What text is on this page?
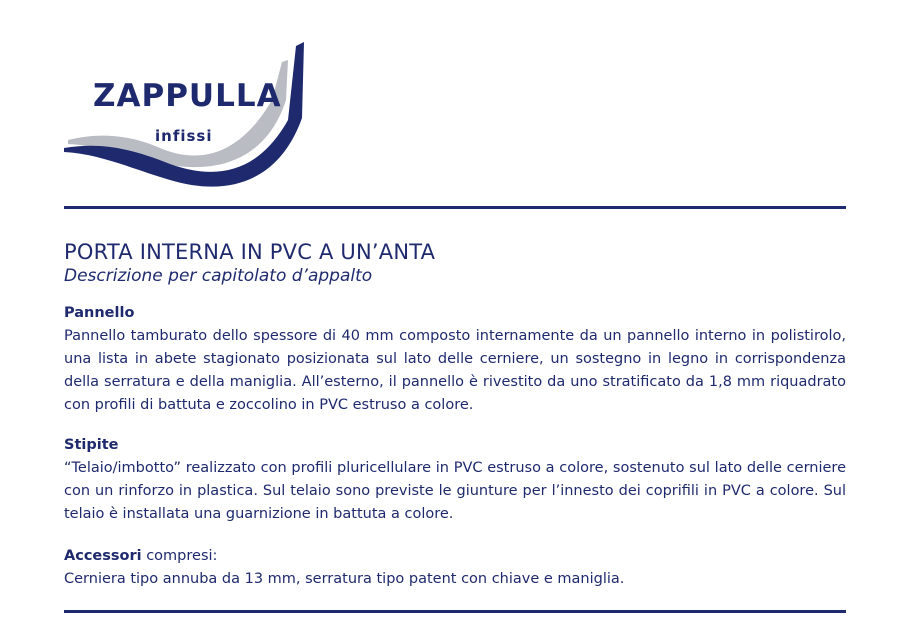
ZAPPULLA
infissi
PORTA INTERNA IN PVC A UN’ANTA
Descrizione per capitolato d’appalto
Pannello
Pannello tamburato dello spessore di 40 mm composto internamente da un pannello interno in polistirolo, una lista in abete stagionato posizionata sul lato delle cerniere, un sostegno in legno in corrispondenza della serratura e della maniglia. All’esterno, il pannello è rivestito da uno stratificato da 1,8 mm riquadrato con profili di battuta e zoccolino in PVC estruso a colore.
Stipite
“Telaio/imbotto” realizzato con profili pluricellulare in PVC estruso a colore, sostenuto sul lato delle cerniere con un rinforzo in plastica. Sul telaio sono previste le giunture per l’innesto dei coprifili in PVC a colore. Sul telaio è installata una guarnizione in battuta a colore.
Accessori compresi:
Cerniera tipo annuba da 13 mm, serratura tipo patent con chiave e maniglia.
